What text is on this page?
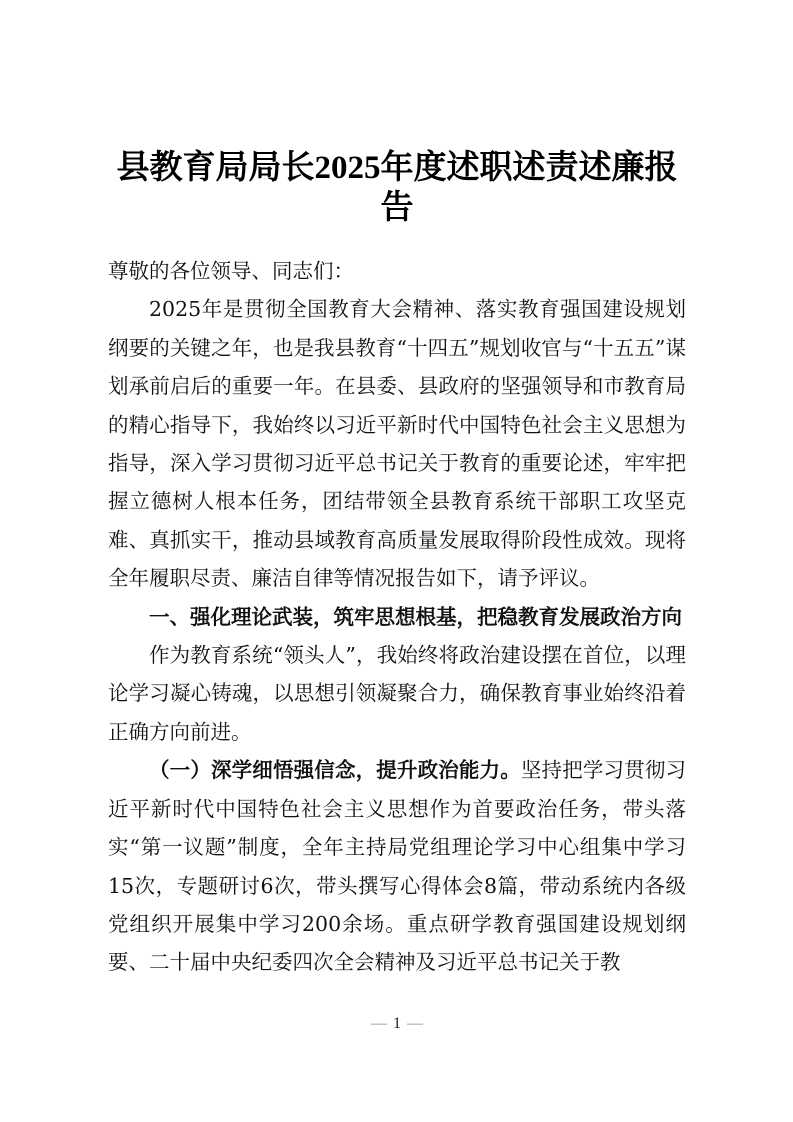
县教育局局长2025年度述职述责述廉报告

尊敬的各位领导、同志们：

2025年是贯彻全国教育大会精神、落实教育强国建设规划纲要的关键之年，也是我县教育“十四五”规划收官与“十五五”谋划承前启后的重要一年。在县委、县政府的坚强领导和市教育局的精心指导下，我始终以习近平新时代中国特色社会主义思想为指导，深入学习贯彻习近平总书记关于教育的重要论述，牢牢把握立德树人根本任务，团结带领全县教育系统干部职工攻坚克难、真抓实干，推动县域教育高质量发展取得阶段性成效。现将全年履职尽责、廉洁自律等情况报告如下，请予评议。

一、强化理论武装，筑牢思想根基，把稳教育发展政治方向

作为教育系统“领头人”，我始终将政治建设摆在首位，以理论学习凝心铸魂，以思想引领凝聚合力，确保教育事业始终沿着正确方向前进。

（一）深学细悟强信念，提升政治能力。坚持把学习贯彻习近平新时代中国特色社会主义思想作为首要政治任务，带头落实“第一议题”制度，全年主持局党组理论学习中心组集中学习15次，专题研讨6次，带头撰写心得体会8篇，带动系统内各级党组织开展集中学习200余场。重点研学教育强国建设规划纲要、二十届中央纪委四次全会精神及习近平总书记关于教

— 1 —
